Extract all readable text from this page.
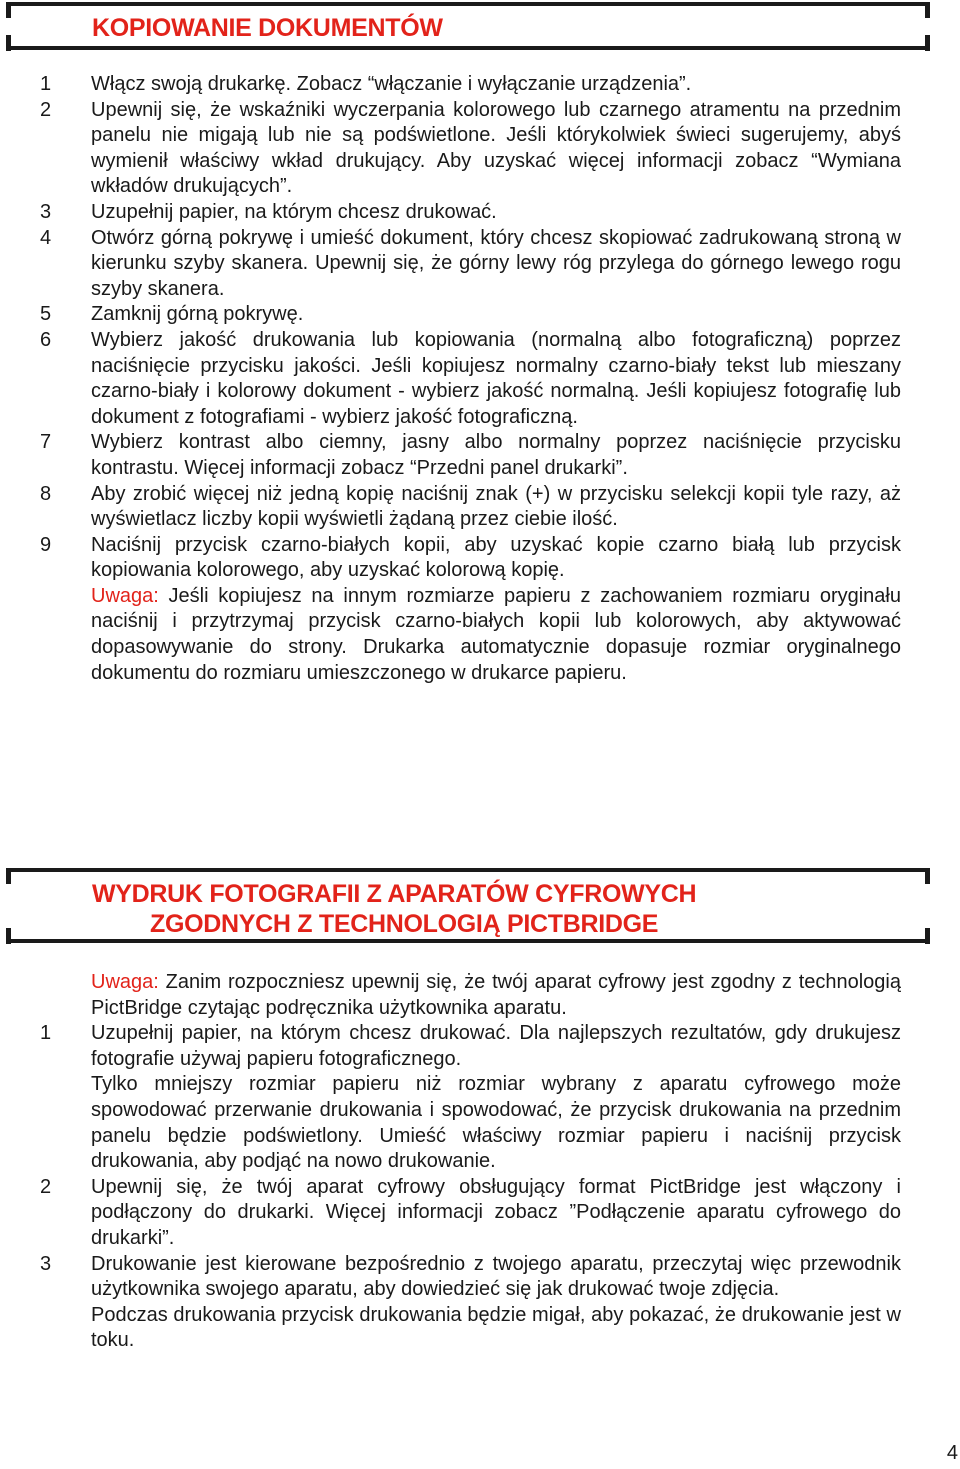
KOPIOWANIE DOKUMENTÓW
1	Włącz swoją drukarkę. Zobacz “włączanie i wyłączanie urządzenia”.
2	Upewnij się, że wskaźniki wyczerpania kolorowego lub czarnego atramentu na przednim panelu nie migają lub nie są podświetlone. Jeśli którykolwiek świeci sugerujemy, abyś wymienił właściwy wkład drukujący. Aby uzyskać więcej informacji zobacz “Wymiana wkładów drukujących”.
3	Uzupełnij papier, na którym chcesz drukować.
4	Otwórz górną pokrywę i umieść dokument, który chcesz skopiować zadrukowaną stroną w kierunku szyby skanera. Upewnij się, że górny lewy róg przylega do górnego lewego rogu szyby skanera.
5	Zamknij górną pokrywę.
6	Wybierz jakość drukowania lub kopiowania (normalną albo fotograficzną) poprzez naciśnięcie przycisku jakości. Jeśli kopiujesz normalny czarno-biały tekst lub mieszany czarno-biały i kolorowy dokument - wybierz jakość normalną. Jeśli kopiujesz fotografię lub dokument z fotografiami - wybierz jakość fotograficzną.
7	Wybierz kontrast albo ciemny, jasny albo normalny poprzez naciśnięcie przycisku kontrastu. Więcej informacji zobacz “Przedni panel drukarki”.
8	Aby zrobić więcej niż jedną kopię naciśnij znak (+) w przycisku selekcji kopii tyle razy, aż wyświetlacz liczby kopii wyświetli żądaną przez ciebie ilość.
9	Naciśnij przycisk czarno-białych kopii, aby uzyskać kopie czarno białą lub przycisk kopiowania kolorowego, aby uzyskać kolorową kopię.
Uwaga: Jeśli kopiujesz na innym rozmiarze papieru z zachowaniem rozmiaru oryginału naciśnij i przytrzymaj przycisk czarno-białych kopii lub kolorowych, aby aktywować dopasowywanie do strony. Drukarka automatycznie dopasuje rozmiar oryginalnego dokumentu do rozmiaru umieszczonego w drukarce papieru.
WYDRUK FOTOGRAFII Z APARATÓW CYFROWYCH
ZGODNYCH Z TECHNOLOGIĄ PICTBRIDGE
Uwaga: Zanim rozpoczniesz upewnij się, że twój aparat cyfrowy jest zgodny z technologią PictBridge czytając podręcznika użytkownika aparatu.
1	Uzupełnij papier, na którym chcesz drukować. Dla najlepszych rezultatów, gdy drukujesz fotografie używaj papieru fotograficznego.
Tylko mniejszy rozmiar papieru niż rozmiar wybrany z aparatu cyfrowego może spowodować przerwanie drukowania i spowodować, że przycisk drukowania na przednim panelu będzie podświetlony. Umieść właściwy rozmiar papieru i naciśnij przycisk drukowania, aby podjąć na nowo drukowanie.
2	Upewnij się, że twój aparat cyfrowy obsługujący format PictBridge jest włączony i podłączony do drukarki. Więcej informacji zobacz ”Podłączenie aparatu cyfrowego do drukarki”.
3	Drukowanie jest kierowane bezpośrednio z twojego aparatu, przeczytaj więc przewodnik użytkownika swojego aparatu, aby dowiedzieć się jak drukować twoje zdjęcia.
Podczas drukowania przycisk drukowania będzie migał, aby pokazać, że drukowanie jest w toku.
4
